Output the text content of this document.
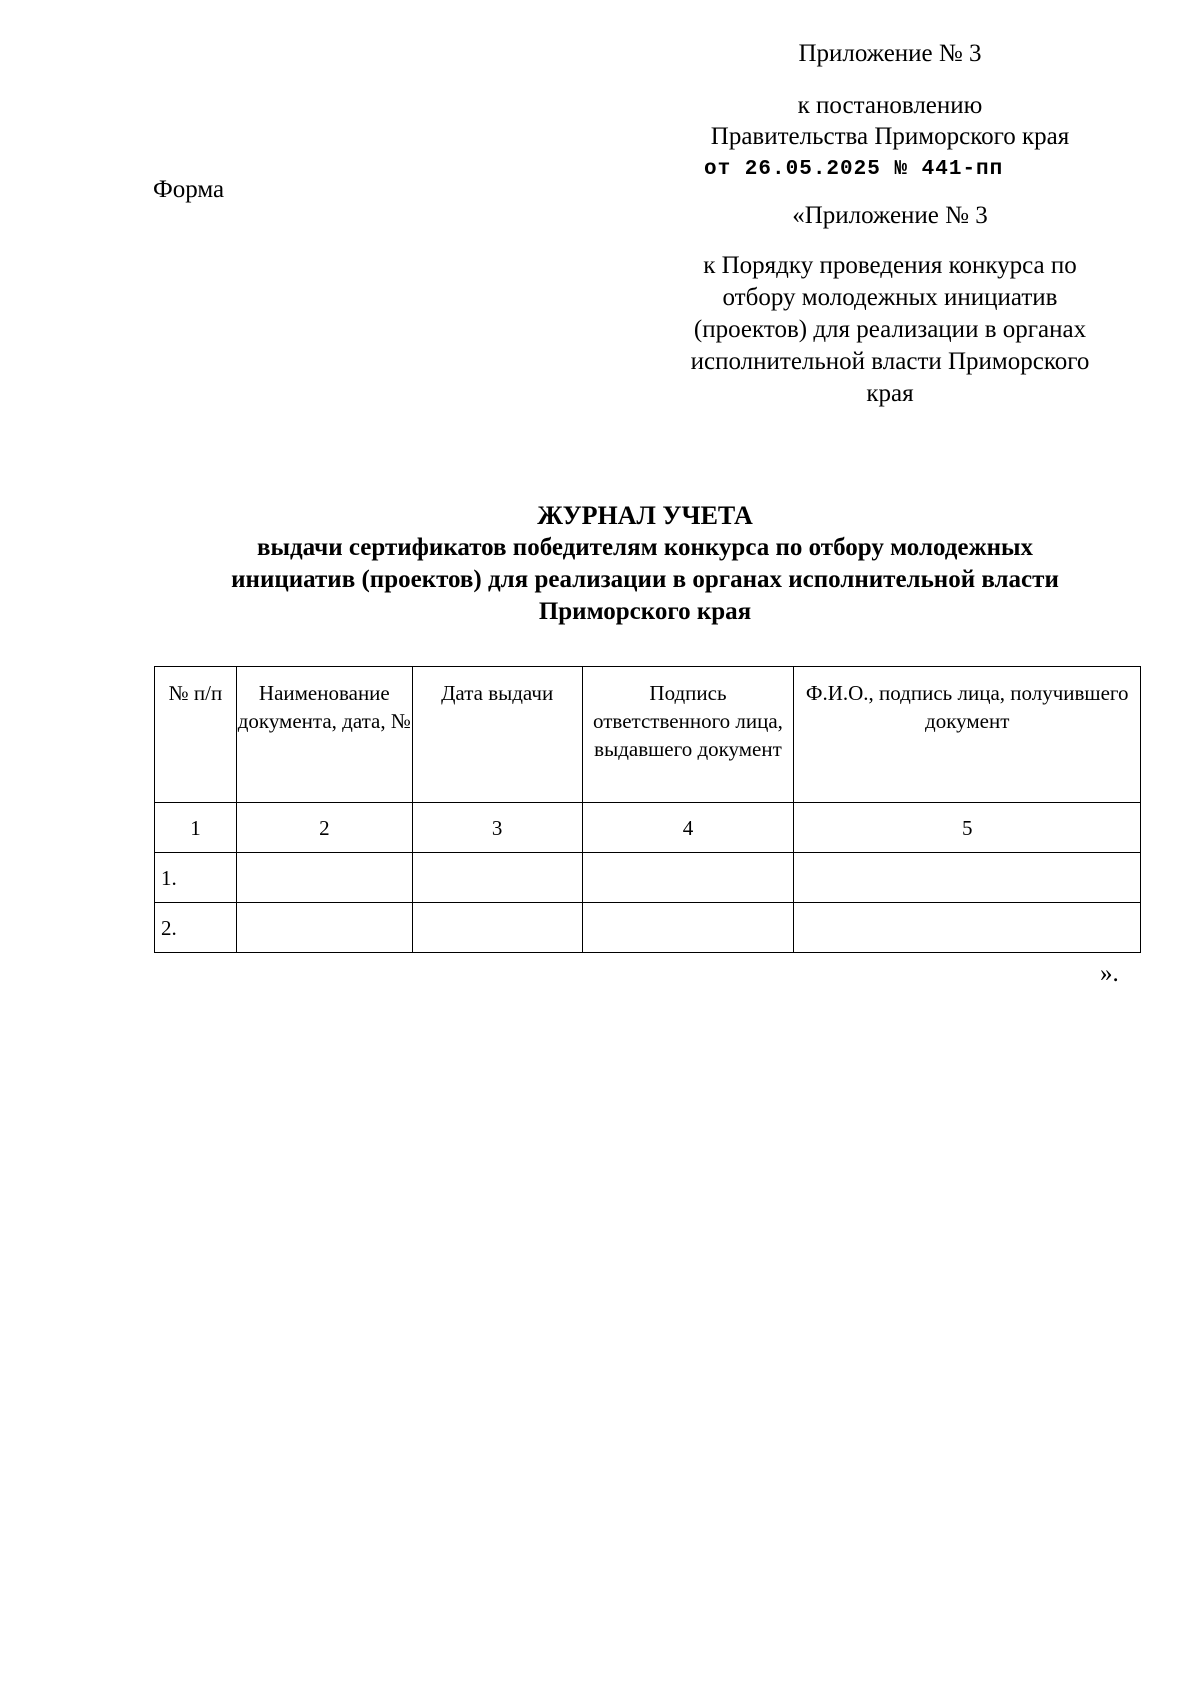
Приложение № 3
к постановлению
Правительства Приморского края
от 26.05.2025 № 441-пп
Форма
«Приложение № 3
к Порядку проведения конкурса по
отбору молодежных инициатив
(проектов) для реализации в органах
исполнительной власти Приморского
края
ЖУРНАЛ УЧЕТА
выдачи сертификатов победителям конкурса по отбору молодежных
инициатив (проектов) для реализации в органах исполнительной власти
Приморского края
№ п/п	Наименование документа, дата, №	Дата выдачи	Подпись ответственного лица, выдавшего документ	Ф.И.О., подпись лица, получившего документ
1	2	3	4	5
1.				
2.				
».
